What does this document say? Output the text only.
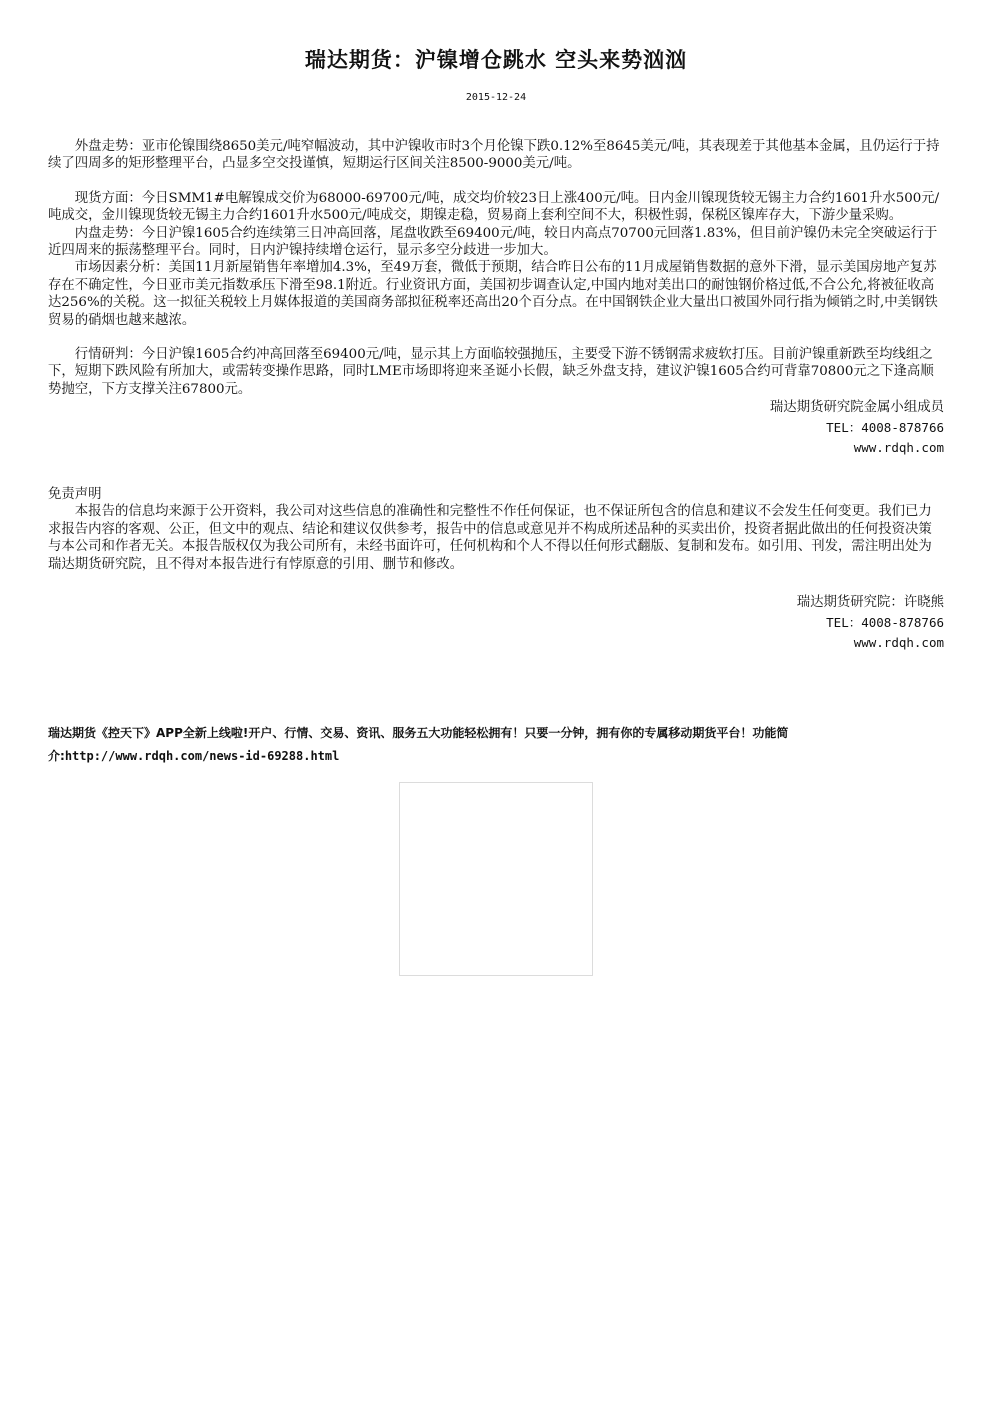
瑞达期货：沪镍增仓跳水 空头来势汹汹
2015-12-24

外盘走势：亚市伦镍围绕8650美元/吨窄幅波动，其中沪镍收市时3个月伦镍下跌0.12%至8645美元/吨，其表现差于其他基本金属，且仍运行于持续了四周多的矩形整理平台，凸显多空交投谨慎，短期运行区间关注8500-9000美元/吨。

现货方面：今日SMM1#电解镍成交价为68000-69700元/吨，成交均价较23日上涨400元/吨。日内金川镍现货较无锡主力合约1601升水500元/吨成交，金川镍现货较无锡主力合约1601升水500元/吨成交，期镍走稳，贸易商上套利空间不大，积极性弱，保税区镍库存大，下游少量采购。

内盘走势：今日沪镍1605合约连续第三日冲高回落，尾盘收跌至69400元/吨，较日内高点70700元回落1.83%，但目前沪镍仍未完全突破运行于近四周来的振荡整理平台。同时，日内沪镍持续增仓运行，显示多空分歧进一步加大。

市场因素分析：美国11月新屋销售年率增加4.3%，至49万套，微低于预期，结合昨日公布的11月成屋销售数据的意外下滑，显示美国房地产复苏存在不确定性，今日亚市美元指数承压下滑至98.1附近。行业资讯方面，美国初步调查认定,中国内地对美出口的耐蚀钢价格过低,不合公允,将被征收高达256%的关税。这一拟征关税较上月媒体报道的美国商务部拟征税率还高出20个百分点。在中国钢铁企业大量出口被国外同行指为倾销之时,中美钢铁贸易的硝烟也越来越浓。

行情研判：今日沪镍1605合约冲高回落至69400元/吨，显示其上方面临较强抛压，主要受下游不锈钢需求疲软打压。目前沪镍重新跌至均线组之下，短期下跌风险有所加大，或需转变操作思路，同时LME市场即将迎来圣诞小长假，缺乏外盘支持，建议沪镍1605合约可背靠70800元之下逢高顺势抛空，下方支撑关注67800元。

瑞达期货研究院金属小组成员

TEL：4008-878766

www.rdqh.com

免责声明

本报告的信息均来源于公开资料，我公司对这些信息的准确性和完整性不作任何保证，也不保证所包含的信息和建议不会发生任何变更。我们已力求报告内容的客观、公正，但文中的观点、结论和建议仅供参考，报告中的信息或意见并不构成所述品种的买卖出价，投资者据此做出的任何投资决策与本公司和作者无关。本报告版权仅为我公司所有，未经书面许可，任何机构和个人不得以任何形式翻版、复制和发布。如引用、刊发，需注明出处为瑞达期货研究院，且不得对本报告进行有悖原意的引用、删节和修改。

瑞达期货研究院：许晓熊

TEL：4008-878766

www.rdqh.com

瑞达期货《控天下》APP全新上线啦!开户、行情、交易、资讯、服务五大功能轻松拥有！只要一分钟，拥有你的专属移动期货平台！功能简介:http://www.rdqh.com/news-id-69288.html
